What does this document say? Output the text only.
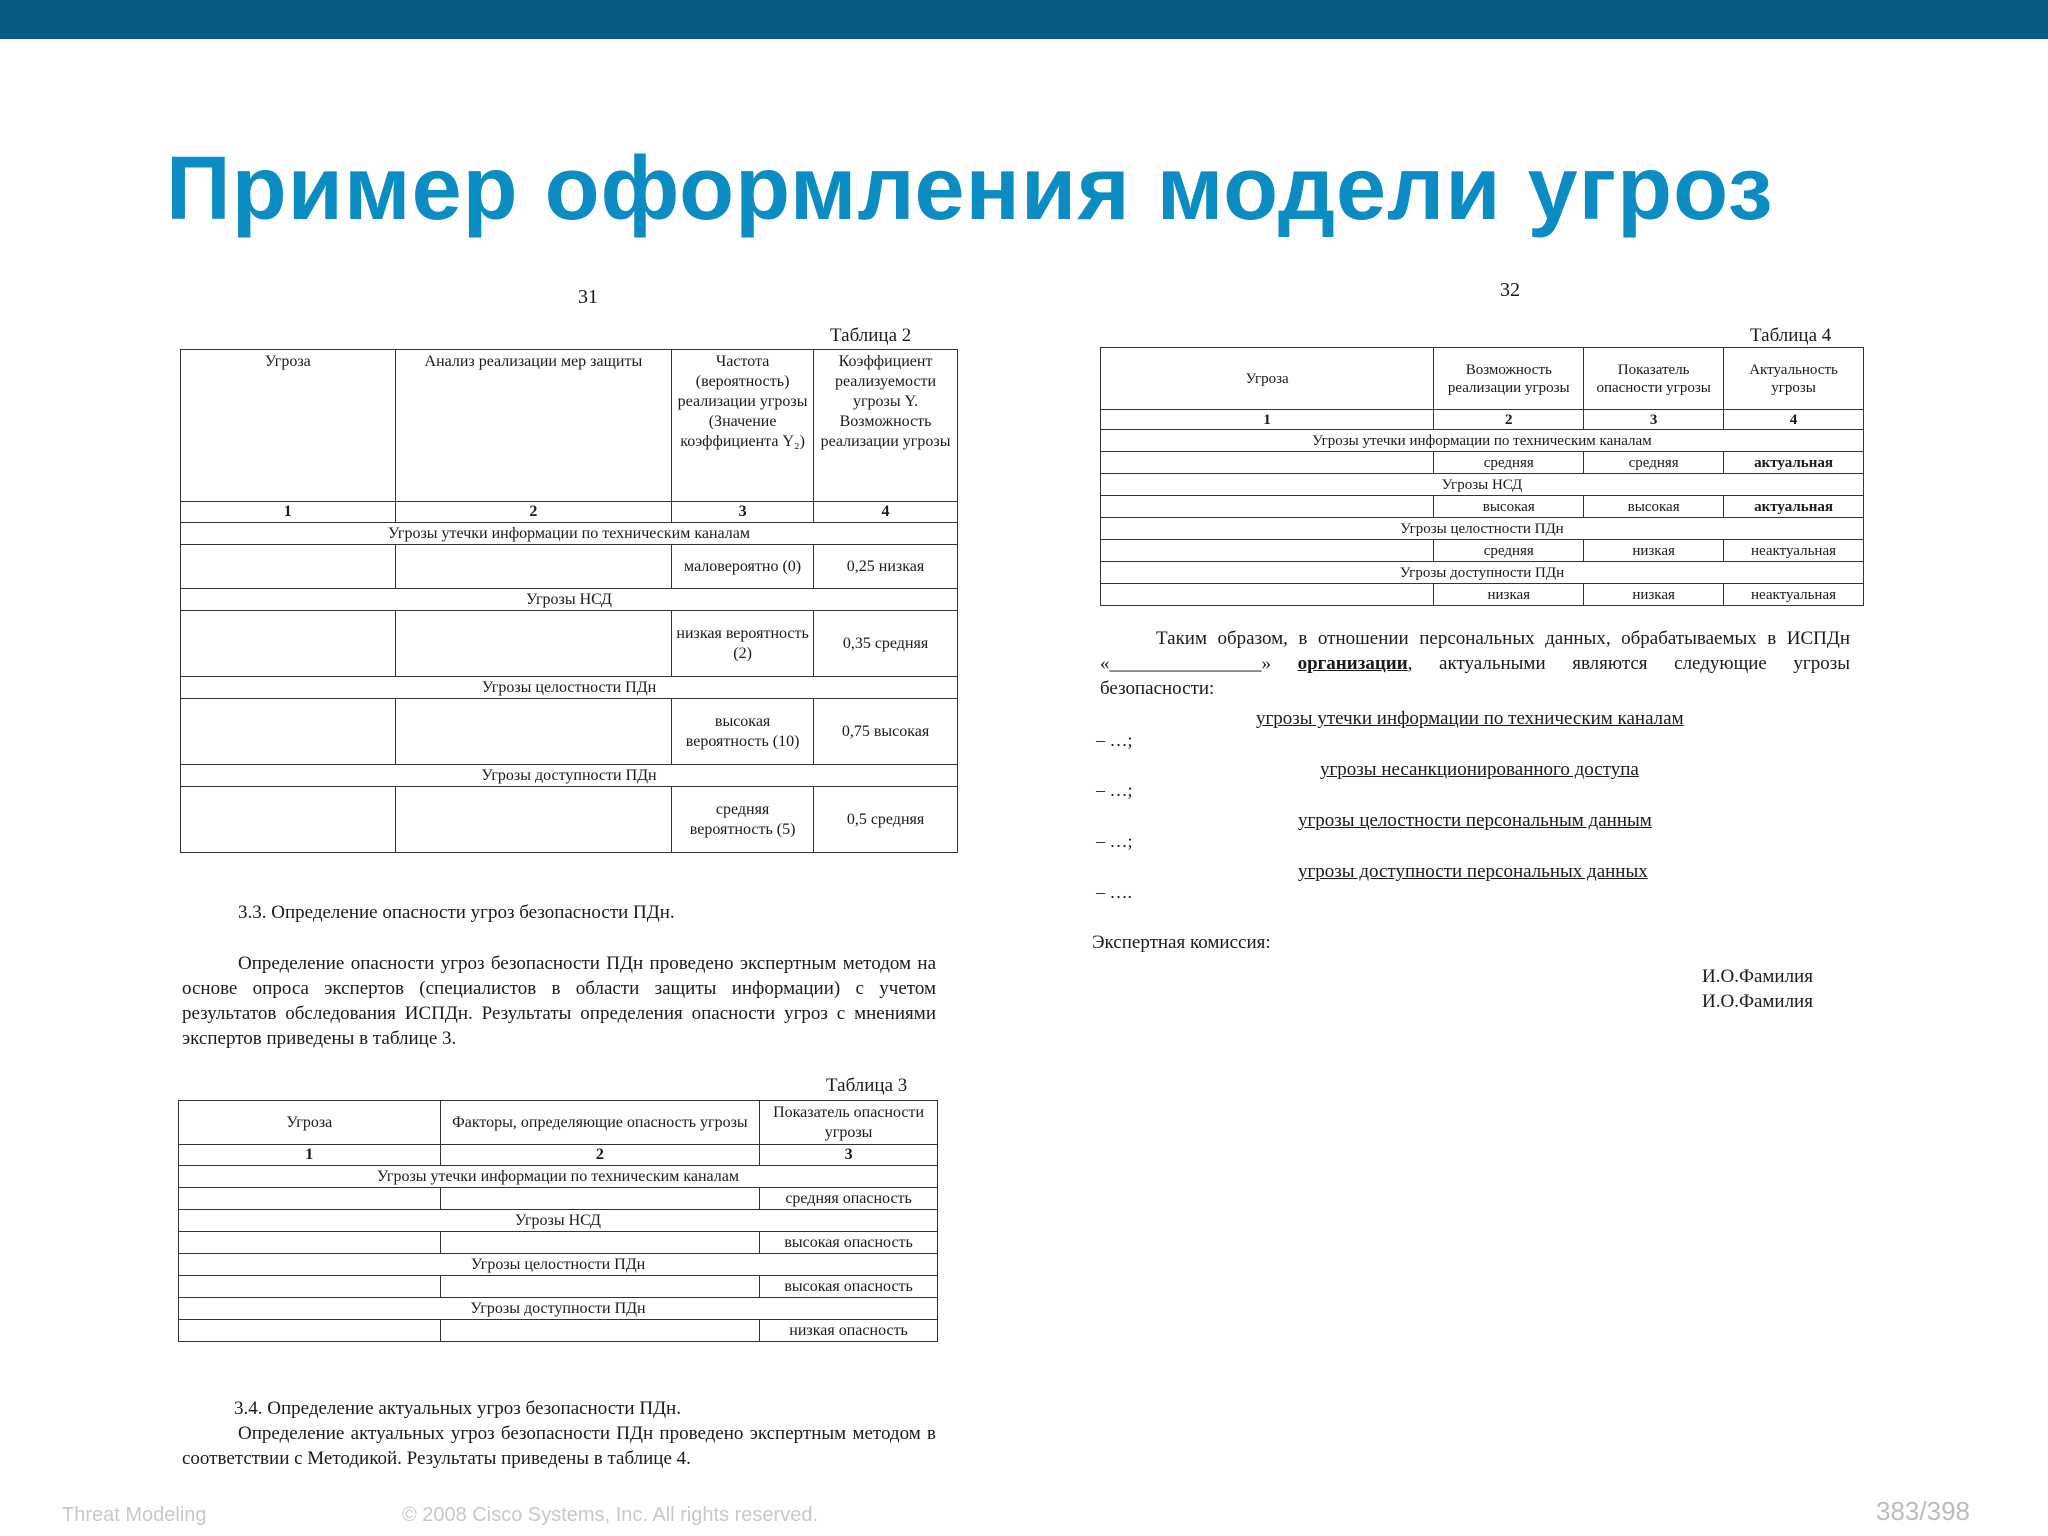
Пример оформления модели угроз
31
Таблица 2
Угроза	Анализ реализации мер защиты	Частота (вероятность) реализации угрозы (Значение коэффициента Y₂)	Коэффициент реализуемости угрозы Y. Возможность реализации угрозы
1	2	3	4
Угрозы утечки информации по техническим каналам			
		маловероятно (0)	0,25 низкая
Угрозы НСД			
		низкая вероятность (2)	0,35 средняя
Угрозы целостности ПДн			
		высокая вероятность (10)	0,75 высокая
Угрозы доступности ПДн			
		средняя вероятность (5)	0,5 средняя
3.3. Определение опасности угроз безопасности ПДн.
Определение опасности угроз безопасности ПДн проведено экспертным методом на основе опроса экспертов (специалистов в области защиты информации) с учетом результатов обследования ИСПДн. Результаты определения опасности угроз с мнениями экспертов приведены в таблице 3.
Таблица 3
Угроза	Факторы, определяющие опасность угрозы	Показатель опасности угрозы
1	2	3
Угрозы утечки информации по техническим каналам		
		средняя опасность
Угрозы НСД		
		высокая опасность
Угрозы целостности ПДн		
		высокая опасность
Угрозы доступности ПДн		
		низкая опасность
3.4. Определение актуальных угроз безопасности ПДн.
Определение актуальных угроз безопасности ПДн проведено экспертным методом в соответствии с Методикой. Результаты приведены в таблице 4.
32
Таблица 4
Угроза	Возможность реализации угрозы	Показатель опасности угрозы	Актуальность угрозы
1	2	3	4
Угрозы утечки информации по техническим каналам			
	средняя	средняя	актуальная
Угрозы НСД			
	высокая	высокая	актуальная
Угрозы целостности ПДн			
	средняя	низкая	неактуальная
Угрозы доступности ПДн			
	низкая	низкая	неактуальная
Таким образом, в отношении персональных данных, обрабатываемых в ИСПДн «________________» организации, актуальными являются следующие угрозы безопасности:
угрозы утечки информации по техническим каналам
– …;
угрозы несанкционированного доступа
– …;
угрозы целостности персональным данным
– …;
угрозы доступности персональных данных
– ….
Экспертная комиссия:
И.О.Фамилия
И.О.Фамилия
Threat Modeling	© 2008 Cisco Systems, Inc. All rights reserved.	383/398
